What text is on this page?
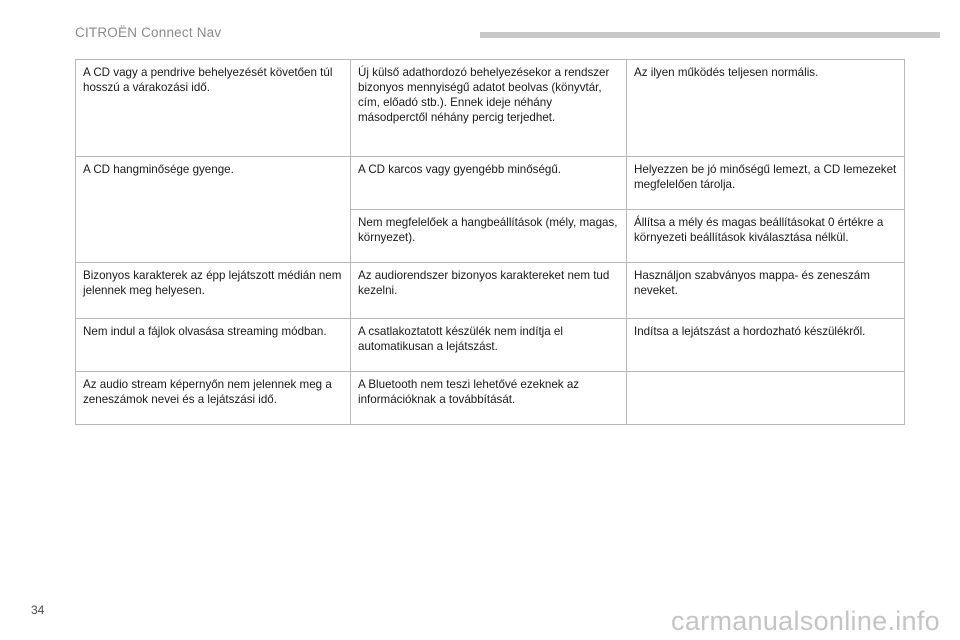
CITROËN Connect Nav
A CD vagy a pendrive behelyezését követően túl hosszú a várakozási idő.	Új külső adathordozó behelyezésekor a rendszer bizonyos mennyiségű adatot beolvas (könyvtár, cím, előadó stb.). Ennek ideje néhány másodperctől néhány percig terjedhet.	Az ilyen működés teljesen normális.
A CD hangminősége gyenge.	A CD karcos vagy gyengébb minőségű.	Helyezzen be jó minőségű lemezt, a CD lemezeket megfelelően tárolja.
	Nem megfelelőek a hangbeállítások (mély, magas, környezet).	Állítsa a mély és magas beállításokat 0 értékre a környezeti beállítások kiválasztása nélkül.
Bizonyos karakterek az épp lejátszott médián nem jelennek meg helyesen.	Az audiorendszer bizonyos karaktereket nem tud kezelni.	Használjon szabványos mappa- és zeneszám neveket.
Nem indul a fájlok olvasása streaming módban.	A csatlakoztatott készülék nem indítja el automatikusan a lejátszást.	Indítsa a lejátszást a hordozható készülékről.
Az audio stream képernyőn nem jelennek meg a zeneszámok nevei és a lejátszási idő.	A Bluetooth nem teszi lehetővé ezeknek az információknak a továbbítását.	
34	carmanualsonline.info
